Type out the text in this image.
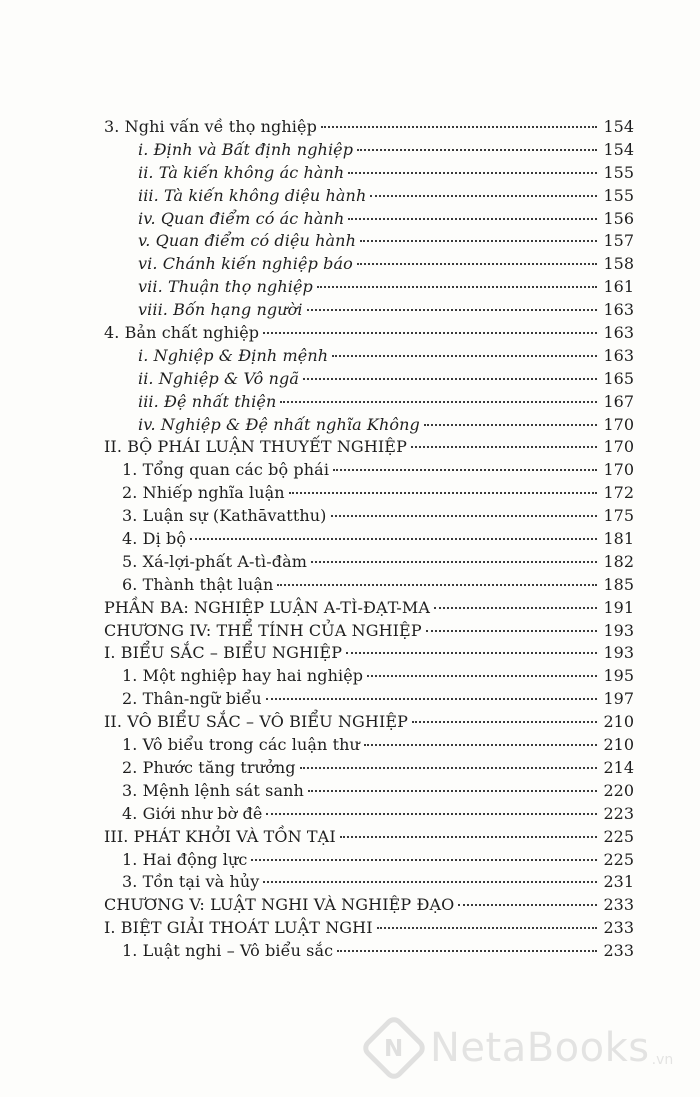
3. Nghi vấn về thọ nghiệp	154
i. Định và Bất định nghiệp	154
ii. Tà kiến không ác hành	155
iii. Tà kiến không diệu hành	155
iv. Quan điểm có ác hành	156
v. Quan điểm có diệu hành	157
vi. Chánh kiến nghiệp báo	158
vii. Thuận thọ nghiệp	161
viii. Bốn hạng người	163
4. Bản chất nghiệp	163
i. Nghiệp & Định mệnh	163
ii. Nghiệp & Vô ngã	165
iii. Đệ nhất thiện	167
iv. Nghiệp & Đệ nhất nghĩa Không	170
II. BỘ PHÁI LUẬN THUYẾT NGHIỆP	170
1. Tổng quan các bộ phái	170
2. Nhiếp nghĩa luận	172
3. Luận sự (Kathāvatthu)	175
4. Dị bộ	181
5. Xá-lợi-phất A-tì-đàm	182
6. Thành thật luận	185
PHẦN BA: NGHIỆP LUẬN A-TÌ-ĐẠT-MA	191
CHƯƠNG IV: THỂ TÍNH CỦA NGHIỆP	193
I. BIỂU SẮC – BIỂU NGHIỆP	193
1. Một nghiệp hay hai nghiệp	195
2. Thân-ngữ biểu	197
II. VÔ BIỂU SẮC – VÔ BIỂU NGHIỆP	210
1. Vô biểu trong các luận thư	210
2. Phước tăng trưởng	214
3. Mệnh lệnh sát sanh	220
4. Giới như bờ đê	223
III. PHÁT KHỞI VÀ TỒN TẠI	225
1. Hai động lực	225
3. Tồn tại và hủy	231
CHƯƠNG V: LUẬT NGHI VÀ NGHIỆP ĐẠO	233
I. BIỆT GIẢI THOÁT LUẬT NGHI	233
1. Luật nghi – Vô biểu sắc	233
N NetaBooks .vn
